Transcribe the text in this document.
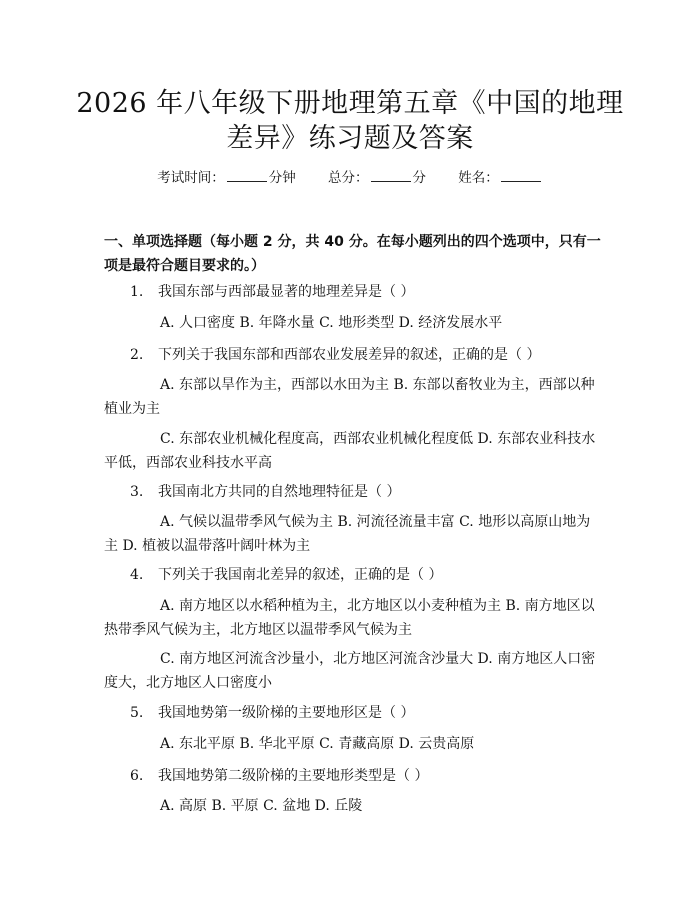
2026 年八年级下册地理第五章《中国的地理
差异》练习题及答案
考试时间：	分钟 总分：	分 姓名：
一、单项选择题（每小题 2 分，共 40 分。在每小题列出的四个选项中，只有一项是最符合题目要求的。）
1. 我国东部与西部最显著的地理差异是（ ）
A. 人口密度 B. 年降水量 C. 地形类型 D. 经济发展水平
2. 下列关于我国东部和西部农业发展差异的叙述，正确的是（ ）
A. 东部以旱作为主，西部以水田为主 B. 东部以畜牧业为主，西部以种植业为主
C. 东部农业机械化程度高，西部农业机械化程度低 D. 东部农业科技水平低，西部农业科技水平高
3. 我国南北方共同的自然地理特征是（ ）
A. 气候以温带季风气候为主 B. 河流径流量丰富 C. 地形以高原山地为主 D. 植被以温带落叶阔叶林为主
4. 下列关于我国南北差异的叙述，正确的是（ ）
A. 南方地区以水稻种植为主，北方地区以小麦种植为主 B. 南方地区以热带季风气候为主，北方地区以温带季风气候为主
C. 南方地区河流含沙量小，北方地区河流含沙量大 D. 南方地区人口密度大，北方地区人口密度小
5. 我国地势第一级阶梯的主要地形区是（ ）
A. 东北平原 B. 华北平原 C. 青藏高原 D. 云贵高原
6. 我国地势第二级阶梯的主要地形类型是（ ）
A. 高原 B. 平原 C. 盆地 D. 丘陵
